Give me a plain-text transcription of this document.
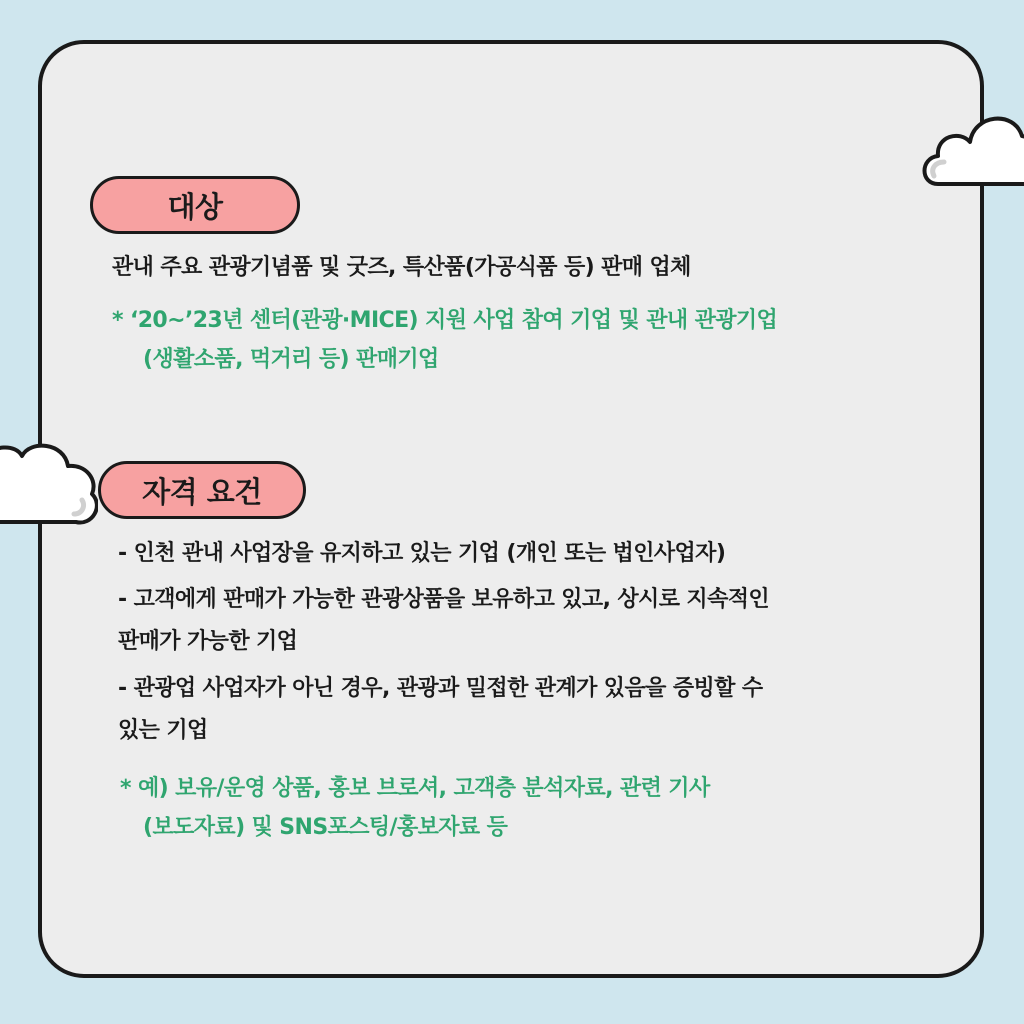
대상
관내 주요 관광기념품 및 굿즈, 특산품(가공식품 등) 판매 업체
* ‘20~’23년 센터(관광·MICE) 지원 사업 참여 기업 및 관내 관광기업
(생활소품, 먹거리 등) 판매기업
자격 요건
- 인천 관내 사업장을 유지하고 있는 기업 (개인 또는 법인사업자)
- 고객에게 판매가 가능한 관광상품을 보유하고 있고, 상시로 지속적인
판매가 가능한 기업
- 관광업 사업자가 아닌 경우, 관광과 밀접한 관계가 있음을 증빙할 수
있는 기업
* 예) 보유/운영 상품, 홍보 브로셔, 고객층 분석자료, 관련 기사
(보도자료) 및 SNS포스팅/홍보자료 등
